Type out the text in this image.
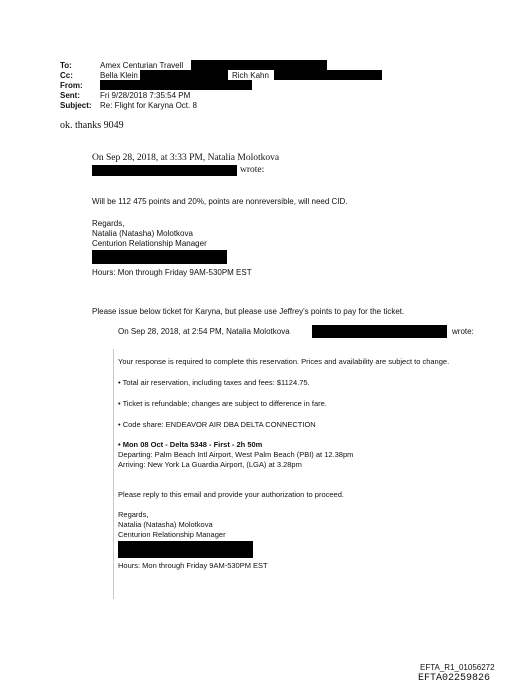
To:	Amex Centurian Travell
Cc:	Bella Klein	Rich Kahn
From:
Sent:	Fri 9/28/2018 7:35:54 PM
Subject: Re: Flight for Karyna Oct. 8
ok. thanks 9049
On Sep 28, 2018, at 3:33 PM, Natalia Molotkova
wrote:
Will be 112 475 points and 20%, points are nonreversible, will need CID.
Regards,
Natalia (Natasha) Molotkova
Centurion Relationship Manager
Hours: Mon through Friday 9AM-530PM EST
Please issue below ticket for Karyna, but please use Jeffrey's points to pay for the ticket.
On Sep 28, 2018, at 2:54 PM, Natalia Molotkova	wrote:
Your response is required to complete this reservation. Prices and availability are subject to change.
• Total air reservation, including taxes and fees: $1124.75.
• Ticket is refundable; changes are subject to difference in fare.
• Code share: ENDEAVOR AIR DBA DELTA CONNECTION
• Mon 08 Oct - Delta 5348 - First - 2h 50m
Departing: Palm Beach Intl Airport, West Palm Beach (PBI) at 12.38pm
Arriving: New York La Guardia Airport, (LGA) at 3.28pm
Please reply to this email and provide your authorization to proceed.
Regards,
Natalia (Natasha) Molotkova
Centurion Relationship Manager
Hours: Mon through Friday 9AM-530PM EST
EFTA_R1_01056272
EFTA02259826
